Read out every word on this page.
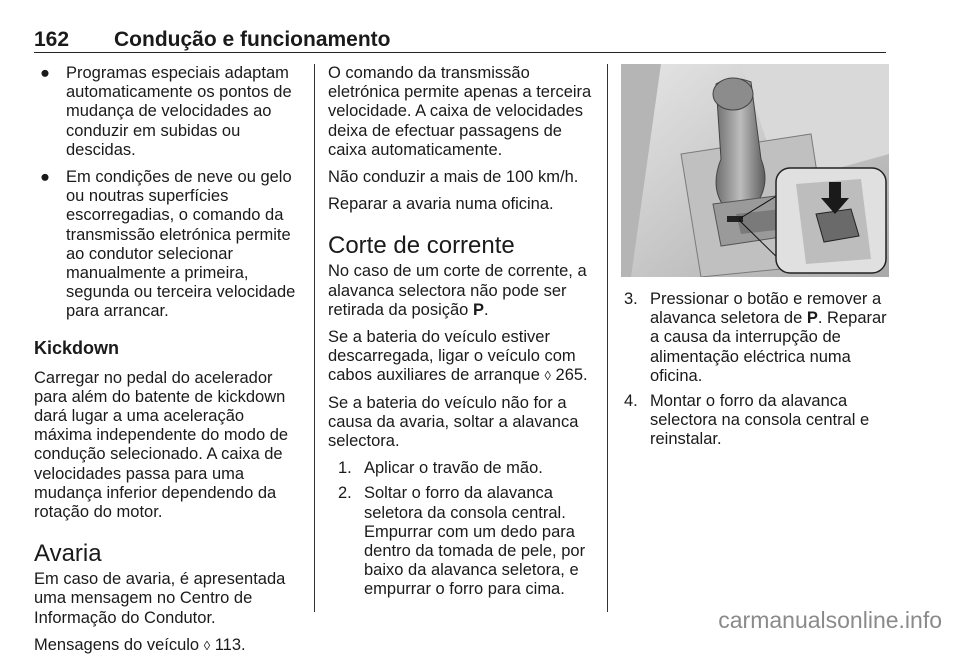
162 Condução e funcionamento
● Programas especiais adaptam automaticamente os pontos de mudança de velocidades ao conduzir em subidas ou descidas.
● Em condições de neve ou gelo ou noutras superfícies escorregadias, o comando da transmissão eletrónica permite ao condutor selecionar manualmente a primeira, segunda ou terceira velocidade para arrancar.
Kickdown

Carregar no pedal do acelerador para além do batente de kickdown dará lugar a uma aceleração máxima independente do modo de condução selecionado. A caixa de velocidades passa para uma mudança inferior dependendo da rotação do motor.

Avaria

Em caso de avaria, é apresentada uma mensagem no Centro de Informação do Condutor.

Mensagens do veículo ◊ 113.

O comando da transmissão eletrónica permite apenas a terceira velocidade. A caixa de velocidades deixa de efectuar passagens de caixa automaticamente.

Não conduzir a mais de 100 km/h.

Reparar a avaria numa oficina.

Corte de corrente

No caso de um corte de corrente, a alavanca selectora não pode ser retirada da posição P.

Se a bateria do veículo estiver descarregada, ligar o veículo com cabos auxiliares de arranque ◊ 265.

Se a bateria do veículo não for a causa da avaria, soltar a alavanca selectora.

1. Aplicar o travão de mão.
2. Soltar o forro da alavanca seletora da consola central. Empurrar com um dedo para dentro da tomada de pele, por baixo da alavanca seletora, e empurrar o forro para cima.
3. Pressionar o botão e remover a alavanca seletora de P. Reparar a causa da interrupção de alimentação eléctrica numa oficina.
4. Montar o forro da alavanca selectora na consola central e reinstalar.
carmanualsonline.info
